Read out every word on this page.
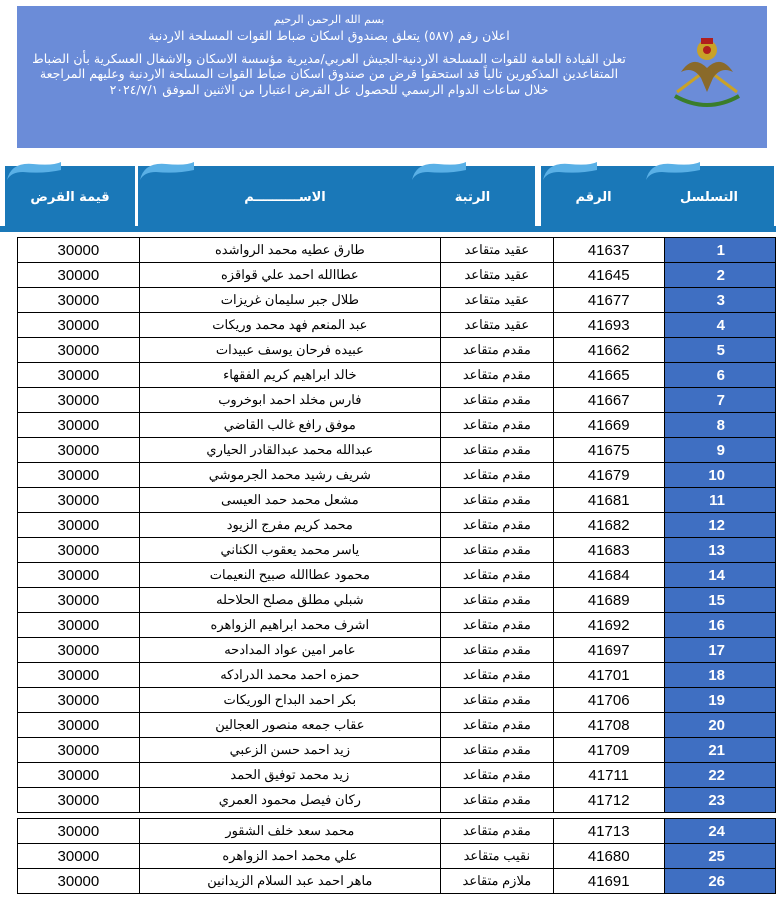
بسم الله الرحمن الرحيم
اعلان رقم (٥٨٧) يتعلق بصندوق اسكان ضباط القوات المسلحة الاردنية
تعلن القيادة العامة للقوات المسلحة الاردنية-الجيش العربي/مديرية مؤسسة الاسكان والاشغال العسكرية بأن الضباط
المتقاعدين المذكورين تالياً قد استحقوا قرض من صندوق اسكان ضباط القوات المسلحة الاردنية وعليهم المراجعة
خلال ساعات الدوام الرسمي للحصول عل القرض اعتبارا من الاثنين الموفق ٢٠٢٤/٧/١
قيمة القرض	الاســــــــــم	الرتبة	الرقم	التسلسل
30000	طارق عطيه محمد الرواشده	عقيد متقاعد	41637	1
30000	عطاالله احمد علي قواقزه	عقيد متقاعد	41645	2
30000	طلال جبر سليمان غريزات	عقيد متقاعد	41677	3
30000	عبد المنعم فهد محمد وريكات	عقيد متقاعد	41693	4
30000	عبيده فرحان يوسف عبيدات	مقدم متقاعد	41662	5
30000	خالد ابراهيم كريم الفقهاء	مقدم متقاعد	41665	6
30000	فارس مخلد احمد ابوخروب	مقدم متقاعد	41667	7
30000	موفق رافع غالب القاضي	مقدم متقاعد	41669	8
30000	عبدالله محمد عبدالقادر الحياري	مقدم متقاعد	41675	9
30000	شريف رشيد محمد الجرموشي	مقدم متقاعد	41679	10
30000	مشعل محمد حمد العيسى	مقدم متقاعد	41681	11
30000	محمد كريم مفرج الزيود	مقدم متقاعد	41682	12
30000	ياسر محمد يعقوب الكناني	مقدم متقاعد	41683	13
30000	محمود عطاالله صبيح النعيمات	مقدم متقاعد	41684	14
30000	شبلي مطلق مصلح الحلاحله	مقدم متقاعد	41689	15
30000	اشرف محمد ابراهيم الزواهره	مقدم متقاعد	41692	16
30000	عامر امين عواد المدادحه	مقدم متقاعد	41697	17
30000	حمزه احمد محمد الدرادكه	مقدم متقاعد	41701	18
30000	بكر احمد البداح الوريكات	مقدم متقاعد	41706	19
30000	عقاب جمعه منصور العجالين	مقدم متقاعد	41708	20
30000	زيد احمد حسن الزعبي	مقدم متقاعد	41709	21
30000	زيد محمد توفيق الحمد	مقدم متقاعد	41711	22
30000	ركان فيصل محمود العمري	مقدم متقاعد	41712	23

30000	محمد سعد خلف الشقور	مقدم متقاعد	41713	24
30000	علي محمد احمد الزواهره	نقيب متقاعد	41680	25
30000	ماهر احمد عبد السلام الزيدانين	ملازم متقاعد	41691	26
